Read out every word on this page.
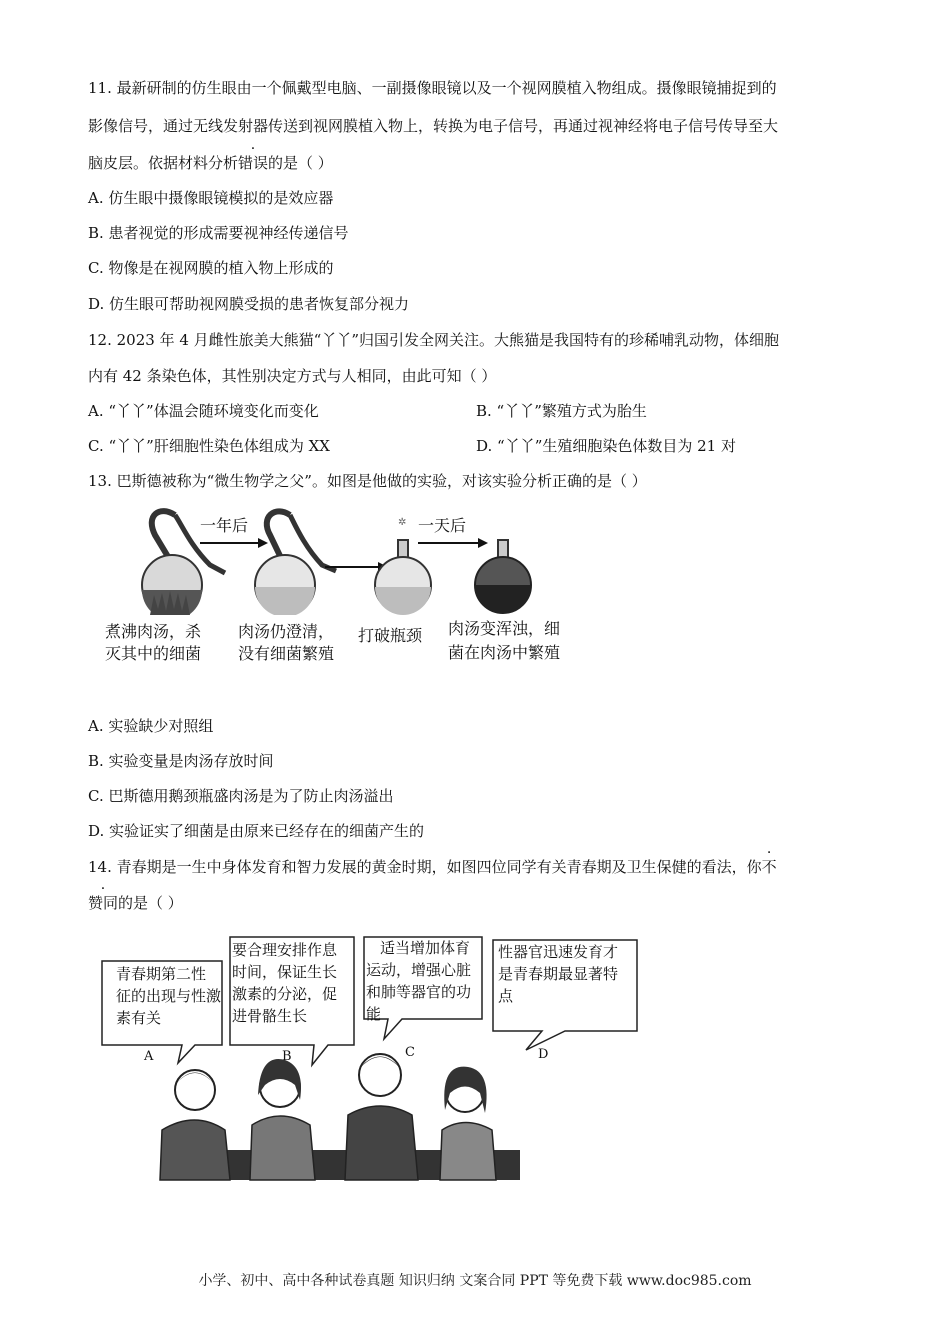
11. 最新研制的仿生眼由一个佩戴型电脑、一副摄像眼镜以及一个视网膜植入物组成。摄像眼镜捕捉到的
影像信号，通过无线发射器传送到视网膜植入物上，转换为电子信号，再通过视神经将电子信号传导至大
脑皮层。依据材料分析错误的是（ ）
A. 仿生眼中摄像眼镜模拟的是效应器
B. 患者视觉的形成需要视神经传递信号
C. 物像是在视网膜的植入物上形成的
D. 仿生眼可帮助视网膜受损的患者恢复部分视力
12. 2023 年 4 月雌性旅美大熊猫“丫丫”归国引发全网关注。大熊猫是我国特有的珍稀哺乳动物，体细胞
内有 42 条染色体，其性别决定方式与人相同，由此可知（ ）
A. “丫丫”体温会随环境变化而变化	B. “丫丫”繁殖方式为胎生
C. “丫丫”肝细胞性染色体组成为 XX	D. “丫丫”生殖细胞染色体数目为 21 对
13. 巴斯德被称为“微生物学之父”。如图是他做的实验，对该实验分析正确的是（ ）
✲
一年后	一天后
煮沸肉汤，杀
灭其中的细菌
肉汤仍澄清，
没有细菌繁殖
打破瓶颈 肉汤变浑浊，细
菌在肉汤中繁殖
A. 实验缺少对照组
B. 实验变量是肉汤存放时间
C. 巴斯德用鹅颈瓶盛肉汤是为了防止肉汤溢出
D. 实验证实了细菌是由原来已经存在的细菌产生的
14. 青春期是一生中身体发育和智力发展的黄金时期，如图四位同学有关青春期及卫生保健的看法，你不
赞同的是（ ）
青春期第二性
征的出现与性激
素有关
要合理安排作息
时间，保证生长
激素的分泌，促
进骨骼生长
适当增加体育
运动，增强心脏
和肺等器官的功
能
性器官迅速发育才
是青春期最显著特
点
A	B	C	D
小学、初中、高中各种试卷真题 知识归纳 文案合同 PPT 等免费下载 www.doc985.com
